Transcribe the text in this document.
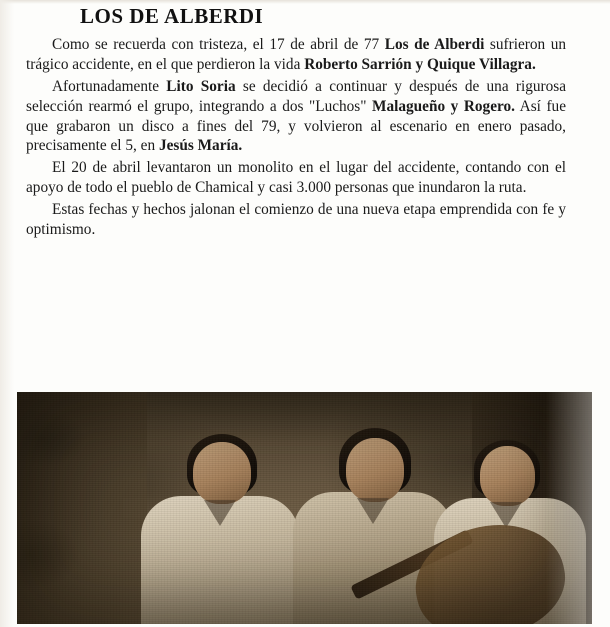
LOS DE ALBERDI

Como se recuerda con tristeza, el 17 de abril de 77 Los de Alberdi sufrieron un trágico accidente, en el que perdieron la vida Roberto Sarrión y Quique Villagra.

Afortunadamente Lito Soria se decidió a continuar y después de una rigurosa selección rearmó el grupo, integrando a dos "Luchos" Malagueño y Rogero. Así fue que grabaron un disco a fines del 79, y volvieron al escenario en enero pasado, precisamente el 5, en Jesús María.

El 20 de abril levantaron un monolito en el lugar del accidente, contando con el apoyo de todo el pueblo de Chamical y casi 3.000 personas que inundaron la ruta.

Estas fechas y hechos jalonan el comienzo de una nueva etapa emprendida con fe y optimismo.
